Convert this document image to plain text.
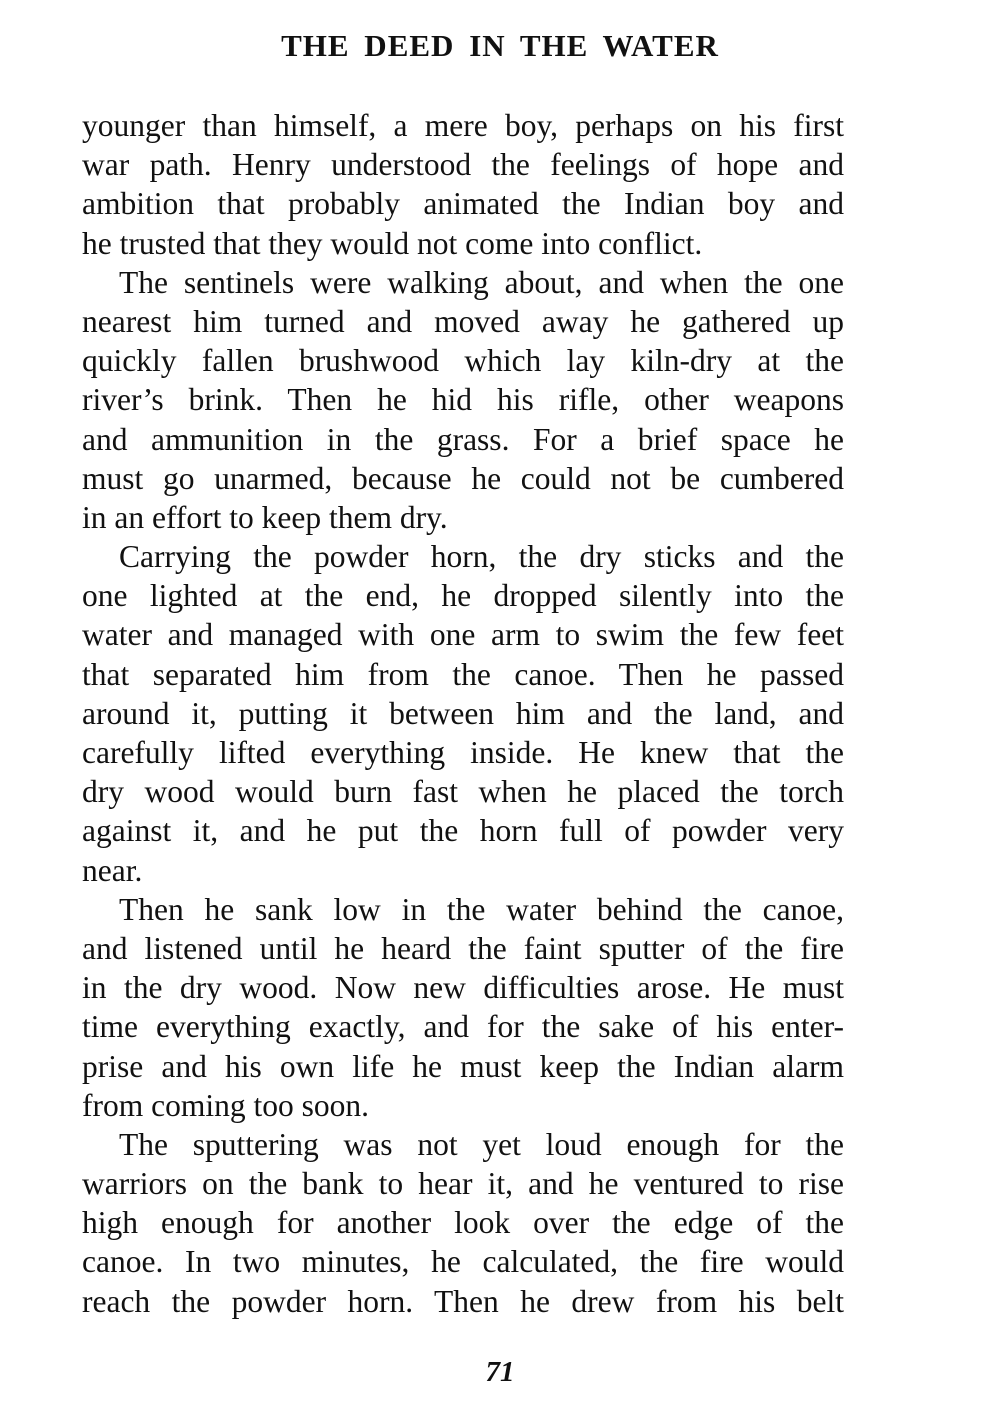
THE DEED IN THE WATER
younger than himself, a mere boy, perhaps on his first
war path. Henry understood the feelings of hope and
ambition that probably animated the Indian boy and
he trusted that they would not come into conflict.
The sentinels were walking about, and when the one
nearest him turned and moved away he gathered up
quickly fallen brushwood which lay kiln-dry at the
river’s brink. Then he hid his rifle, other weapons
and ammunition in the grass. For a brief space he
must go unarmed, because he could not be cumbered
in an effort to keep them dry.
Carrying the powder horn, the dry sticks and the
one lighted at the end, he dropped silently into the
water and managed with one arm to swim the few feet
that separated him from the canoe. Then he passed
around it, putting it between him and the land, and
carefully lifted everything inside. He knew that the
dry wood would burn fast when he placed the torch
against it, and he put the horn full of powder very
near.
Then he sank low in the water behind the canoe,
and listened until he heard the faint sputter of the fire
in the dry wood. Now new difficulties arose. He must
time everything exactly, and for the sake of his enter-
prise and his own life he must keep the Indian alarm
from coming too soon.
The sputtering was not yet loud enough for the
warriors on the bank to hear it, and he ventured to rise
high enough for another look over the edge of the
canoe. In two minutes, he calculated, the fire would
reach the powder horn. Then he drew from his belt
71
